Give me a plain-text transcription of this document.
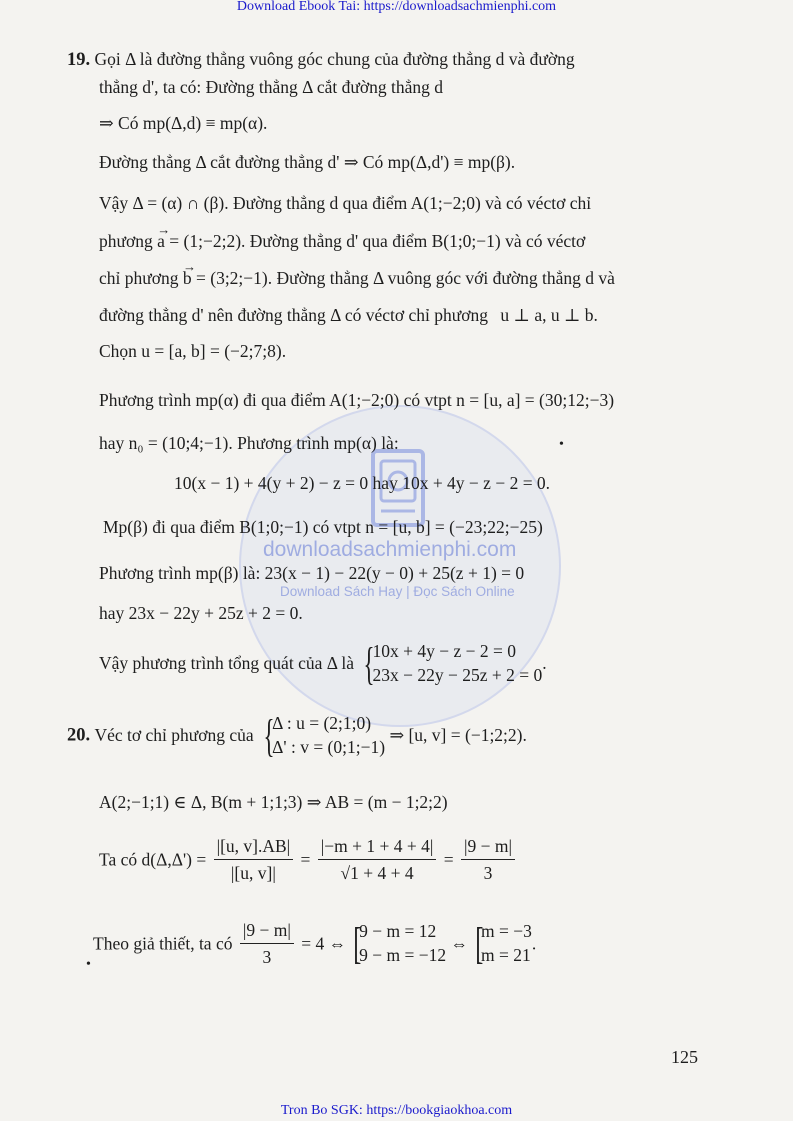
Download Ebook Tai: https://downloadsachmienphi.com
downloadsachmienphi.com
Download Sách Hay | Đọc Sách Online
19. Gọi Δ là đường thẳng vuông góc chung của đường thẳng d và đường
thẳng d', ta có: Đường thẳng Δ cắt đường thẳng d
⇒ Có mp(Δ,d) ≡ mp(α).
Đường thẳng Δ cắt đường thẳng d' ⇒ Có mp(Δ,d') ≡ mp(β).
Vậy Δ = (α) ∩ (β). Đường thẳng d qua điểm A(1;−2;0) và có véctơ chỉ
phương → a = (1;−2;2). Đường thẳng d' qua điểm B(1;0;−1) và có véctơ
chỉ phương → b = (3;2;−1). Đường thẳng Δ vuông góc với đường thẳng d và
đường thẳng d' nên đường thẳng Δ có véctơ chỉ phương u ⊥ a, u ⊥ b.
Chọn u = [a, b] = (−2;7;8).
Phương trình mp(α) đi qua điểm A(1;−2;0) có vtpt n = [u, a] = (30;12;−3)
hay n₀ = (10;4;−1). Phương trình mp(α) là:	•
10(x − 1) + 4(y + 2) − z = 0 hay 10x + 4y − z − 2 = 0.
Mp(β) đi qua điểm B(1;0;−1) có vtpt n = [u, b] = (−23;22;−25)
Phương trình mp(β) là: 23(x − 1) − 22(y − 0) + 25(z + 1) = 0
hay 23x − 22y + 25z + 2 = 0.
Vậy phương trình tổng quát của Δ là {
10x + 4y − z − 2 = 0
23x − 22y − 25z + 2 = 0
.
20. Véc tơ chỉ phương của {
Δ : u = (2;1;0)
Δ' : v = (0;1;−1)
⇒ [u, v] = (−1;2;2).
A(2;−1;1) ∈ Δ, B(m + 1;1;3) ⇒ AB = (m − 1;2;2)
Ta có $d(\Delta,\Delta') = \frac{|[u, v].AB|}{|[u, v]|} = \frac{|-m + 1 + 4 + 4|}{√1 + 4 + 4} = \frac{|9 - m|}{3}$
Theo giả thiết, ta có $\frac{|9 - m|}{3} = 4$ ⇔ [
9 − m = 12
9 − m = −12
⇔ [
m = −3
m = 21
.
•
125
Tron Bo SGK: https://bookgiaokhoa.com
